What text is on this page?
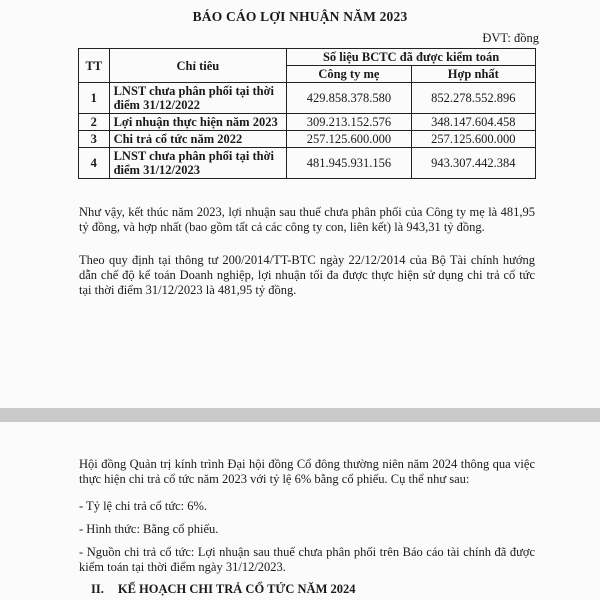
BÁO CÁO LỢI NHUẬN NĂM 2023
ĐVT: đồng
TT	Chỉ tiêu	Số liệu BCTC đã được kiểm toán	
		Công ty mẹ	Hợp nhất
1	LNST chưa phân phối tại thời điểm 31/12/2022	429.858.378.580	852.278.552.896
2	Lợi nhuận thực hiện năm 2023	309.213.152.576	348.147.604.458
3	Chi trả cổ tức năm 2022	257.125.600.000	257.125.600.000
4	LNST chưa phân phối tại thời điểm 31/12/2023	481.945.931.156	943.307.442.384
Như vậy, kết thúc năm 2023, lợi nhuận sau thuế chưa phân phối của Công ty mẹ là 481,95 tỷ đồng, và hợp nhất (bao gồm tất cả các công ty con, liên kết) là 943,31 tỷ đồng.
Theo quy định tại thông tư 200/2014/TT-BTC ngày 22/12/2014 của Bộ Tài chính hướng dẫn chế độ kế toán Doanh nghiệp, lợi nhuận tối đa được thực hiện sử dụng chi trả cổ tức tại thời điểm 31/12/2023 là 481,95 tỷ đồng.
Hội đồng Quản trị kính trình Đại hội đồng Cổ đông thường niên năm 2024 thông qua việc thực hiện chi trả cổ tức năm 2023 với tỷ lệ 6% bằng cổ phiếu. Cụ thể như sau:
- Tỷ lệ chi trả cổ tức: 6%.
- Hình thức: Bằng cổ phiếu.
- Nguồn chi trả cổ tức: Lợi nhuận sau thuế chưa phân phối trên Báo cáo tài chính đã được kiểm toán tại thời điểm ngày 31/12/2023.
II. KẾ HOẠCH CHI TRẢ CỔ TỨC NĂM 2024
